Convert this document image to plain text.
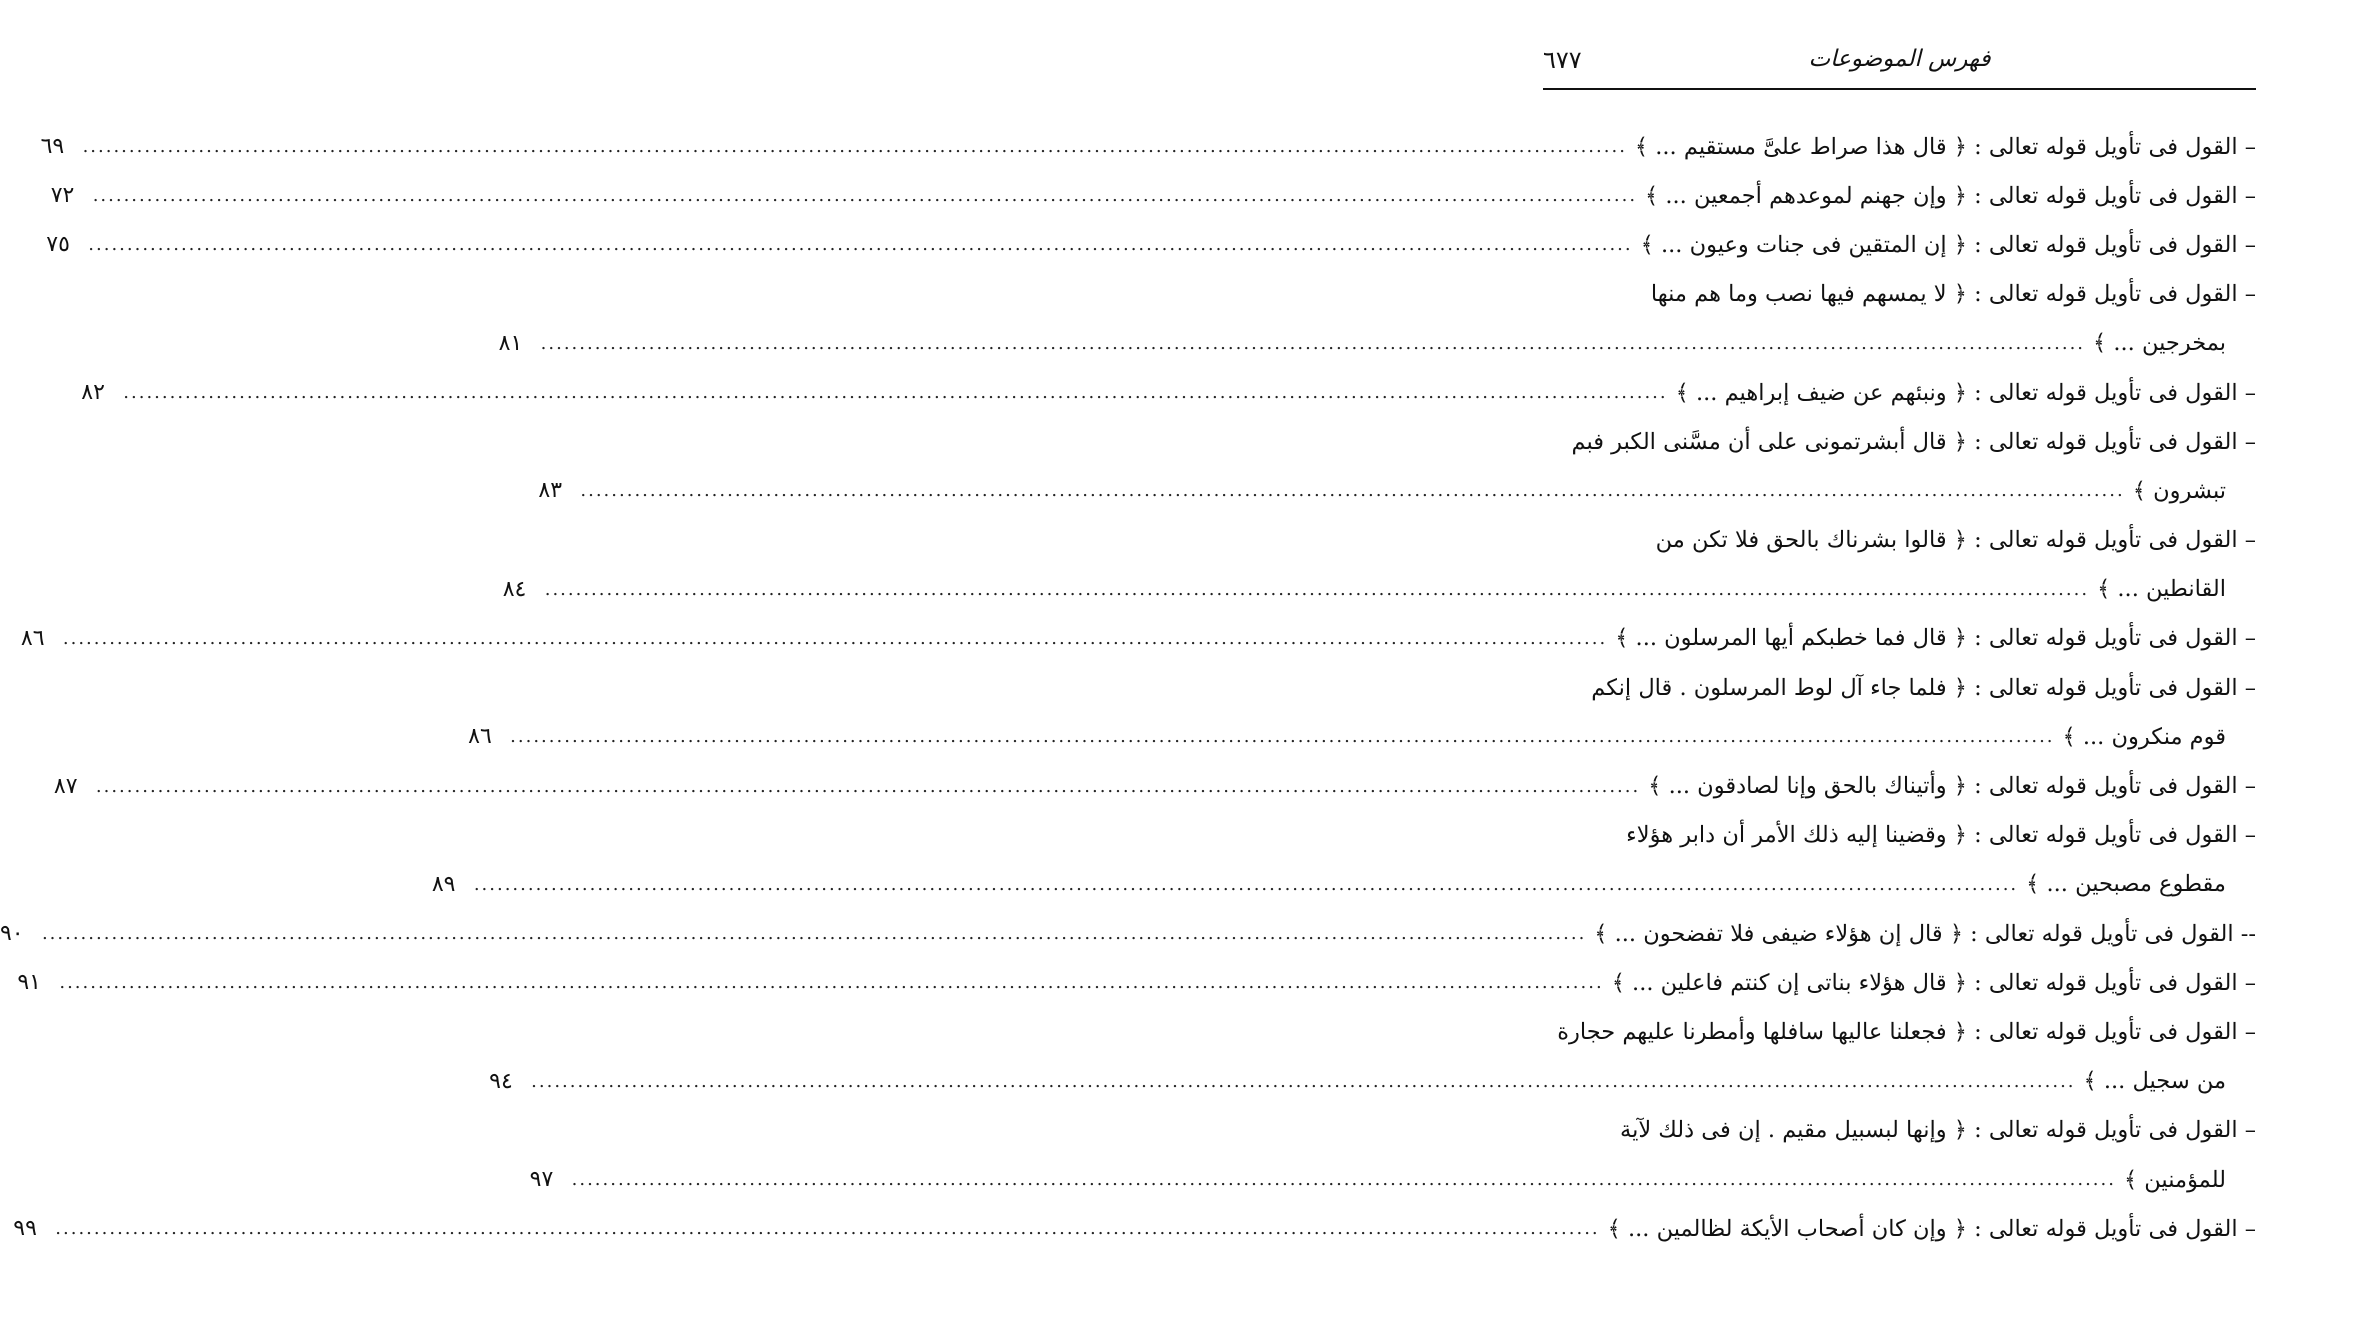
فهرس الموضوعات
٦٧٧
– القول فى تأويل قوله تعالى : ﴿ قال هذا صراط علىَّ مستقيم ... ﴾
........................................................................................................................................................................................................
٦٩
– القول فى تأويل قوله تعالى : ﴿ وإن جهنم لموعدهم أجمعين ... ﴾
........................................................................................................................................................................................................
٧٢
– القول فى تأويل قوله تعالى : ﴿ إن المتقين فى جنات وعيون ... ﴾
........................................................................................................................................................................................................
٧٥
– القول فى تأويل قوله تعالى : ﴿ لا يمسهم فيها نصب وما هم منها
بمخرجين ... ﴾
........................................................................................................................................................................................................
٨١
– القول فى تأويل قوله تعالى : ﴿ ونبئهم عن ضيف إبراهيم ... ﴾
........................................................................................................................................................................................................
٨٢
– القول فى تأويل قوله تعالى : ﴿ قال أبشرتمونى على أن مسَّنى الكبر فبم
تبشرون ﴾
........................................................................................................................................................................................................
٨٣
– القول فى تأويل قوله تعالى : ﴿ قالوا بشرناك بالحق فلا تكن من
القانطين ... ﴾
........................................................................................................................................................................................................
٨٤
– القول فى تأويل قوله تعالى : ﴿ قال فما خطبكم أيها المرسلون ... ﴾
........................................................................................................................................................................................................
٨٦
– القول فى تأويل قوله تعالى : ﴿ فلما جاء آل لوط المرسلون . قال إنكم
قوم منكرون ... ﴾
........................................................................................................................................................................................................
٨٦
– القول فى تأويل قوله تعالى : ﴿ وأتيناك بالحق وإنا لصادقون ... ﴾
........................................................................................................................................................................................................
٨٧
– القول فى تأويل قوله تعالى : ﴿ وقضينا إليه ذلك الأمر أن دابر هؤلاء
مقطوع مصبحين ... ﴾
........................................................................................................................................................................................................
٨٩
-- القول فى تأويل قوله تعالى : ﴿ قال إن هؤلاء ضيفى فلا تفضحون ... ﴾
........................................................................................................................................................................................................
٩٠
– القول فى تأويل قوله تعالى : ﴿ قال هؤلاء بناتى إن كنتم فاعلين ... ﴾
........................................................................................................................................................................................................
٩١
– القول فى تأويل قوله تعالى : ﴿ فجعلنا عاليها سافلها وأمطرنا عليهم حجارة
من سجيل ... ﴾
........................................................................................................................................................................................................
٩٤
– القول فى تأويل قوله تعالى : ﴿ وإنها لبسبيل مقيم . إن فى ذلك لآية
للمؤمنين ﴾
........................................................................................................................................................................................................
٩٧
– القول فى تأويل قوله تعالى : ﴿ وإن كان أصحاب الأيكة لظالمين ... ﴾
........................................................................................................................................................................................................
٩٩
